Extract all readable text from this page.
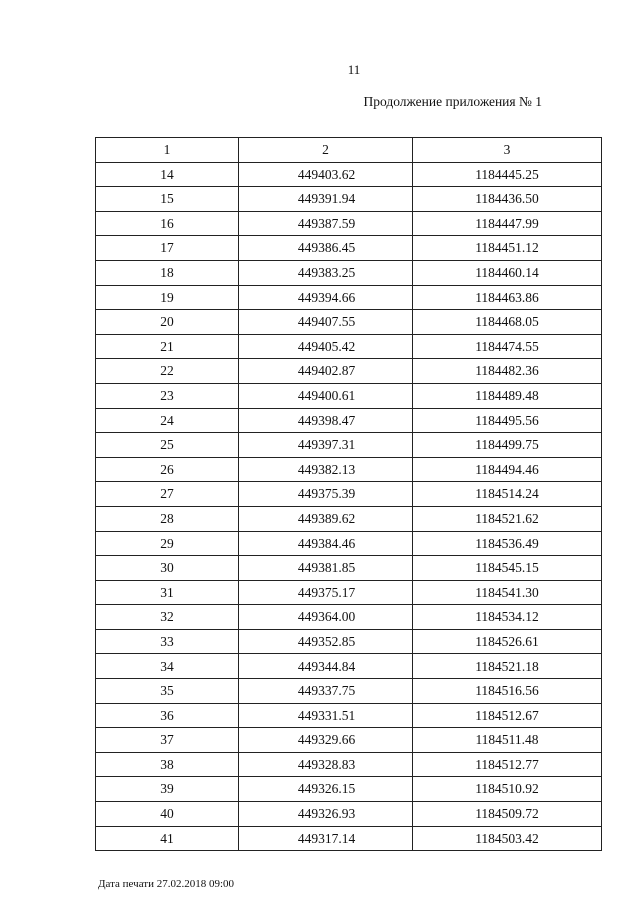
11
Продолжение приложения № 1
1	2	3
14	449403.62	1184445.25
15	449391.94	1184436.50
16	449387.59	1184447.99
17	449386.45	1184451.12
18	449383.25	1184460.14
19	449394.66	1184463.86
20	449407.55	1184468.05
21	449405.42	1184474.55
22	449402.87	1184482.36
23	449400.61	1184489.48
24	449398.47	1184495.56
25	449397.31	1184499.75
26	449382.13	1184494.46
27	449375.39	1184514.24
28	449389.62	1184521.62
29	449384.46	1184536.49
30	449381.85	1184545.15
31	449375.17	1184541.30
32	449364.00	1184534.12
33	449352.85	1184526.61
34	449344.84	1184521.18
35	449337.75	1184516.56
36	449331.51	1184512.67
37	449329.66	1184511.48
38	449328.83	1184512.77
39	449326.15	1184510.92
40	449326.93	1184509.72
41	449317.14	1184503.42
Дата печати 27.02.2018 09:00
